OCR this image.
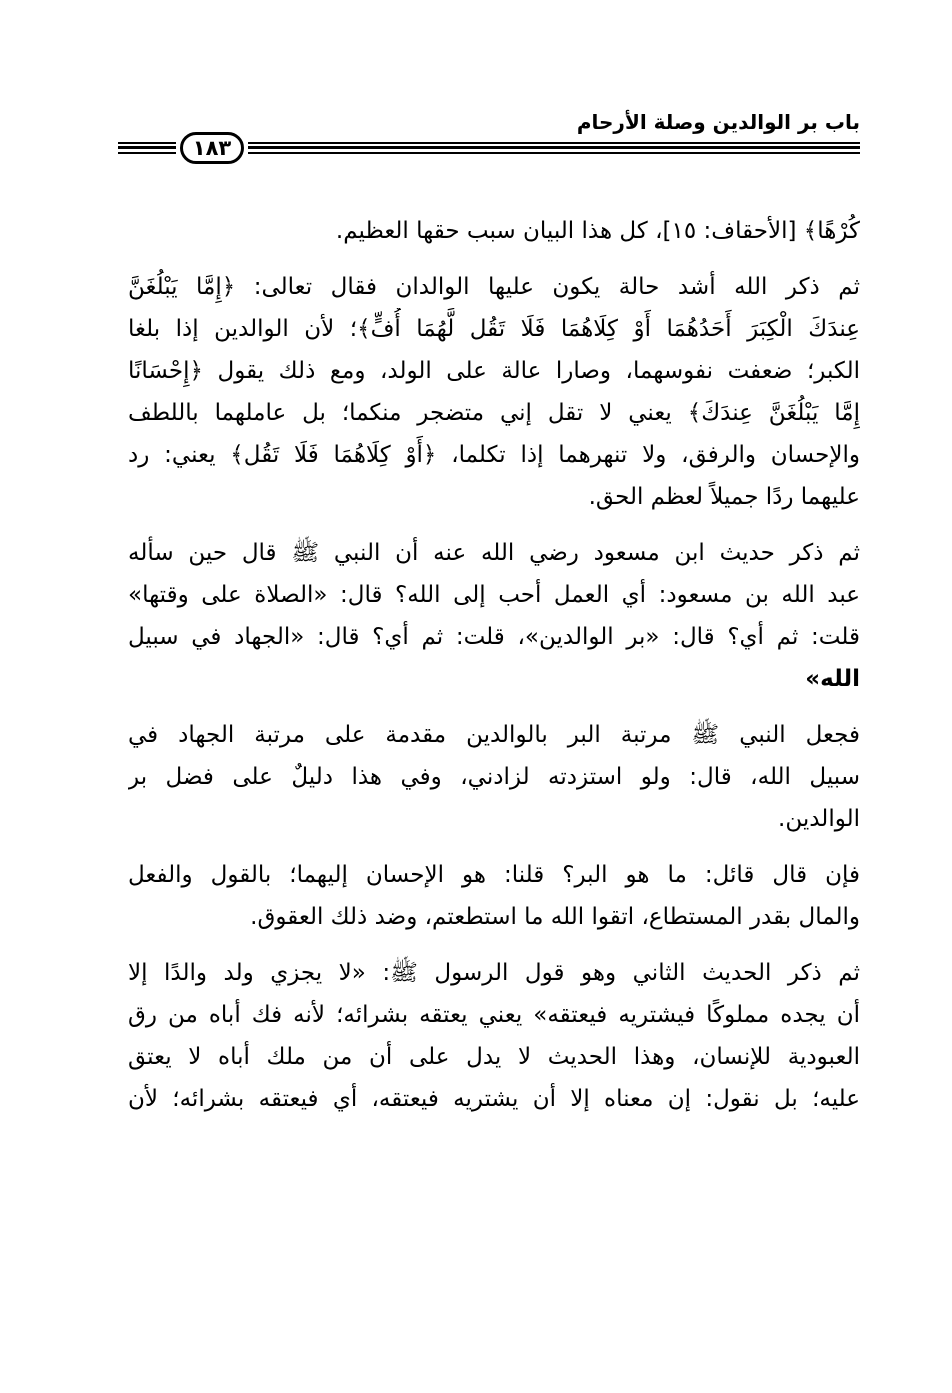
باب بر الوالدين وصلة الأرحام
١٨٣
كُرْهًا﴾ [الأحقاف: ١٥]، كل هذا البيان سبب حقها العظيم.
ثم ذكر الله أشد حالة يكون عليها الوالدان فقال تعالى: ﴿إِمَّا يَبْلُغَنَّ
عِندَكَ الْكِبَرَ أَحَدُهُمَا أَوْ كِلَاهُمَا فَلَا تَقُل لَّهُمَا أُفٍّ﴾؛ لأن الوالدين إذا بلغا
الكبر؛ ضعفت نفوسهما، وصارا عالة على الولد، ومع ذلك يقول ﴿إِحْسَانًا
إِمَّا يَبْلُغَنَّ عِندَكَ﴾ يعني لا تقل إني متضجر منكما؛ بل عاملهما باللطف
والإحسان والرفق، ولا تنهرهما إذا تكلما، ﴿أَوْ كِلَاهُمَا فَلَا تَقُل﴾ يعني: رد
عليهما ردًا جميلاً لعظم الحق.
ثم ذكر حديث ابن مسعود رضي الله عنه أن النبي ﷺ قال حين سأله
عبد الله بن مسعود: أي العمل أحب إلى الله؟ قال: «الصلاة على وقتها»
قلت: ثم أي؟ قال: «بر الوالدين»، قلت: ثم أي؟ قال: «الجهاد في سبيل
الله»
فجعل النبي ﷺ مرتبة البر بالوالدين مقدمة على مرتبة الجهاد في
سبيل الله، قال: ولو استزدته لزادني، وفي هذا دليلٌ على فضل بر
الوالدين.
فإن قال قائل: ما هو البر؟ قلنا: هو الإحسان إليهما؛ بالقول والفعل
والمال بقدر المستطاع، اتقوا الله ما استطعتم، وضد ذلك العقوق.
ثم ذكر الحديث الثاني وهو قول الرسول ﷺ: «لا يجزي ولد والدًا إلا
أن يجده مملوكًا فيشتريه فيعتقه» يعني يعتقه بشرائه؛ لأنه فك أباه من رق
العبودية للإنسان، وهذا الحديث لا يدل على أن من ملك أباه لا يعتق
عليه؛ بل نقول: إن معناه إلا أن يشتريه فيعتقه، أي فيعتقه بشرائه؛ لأن
